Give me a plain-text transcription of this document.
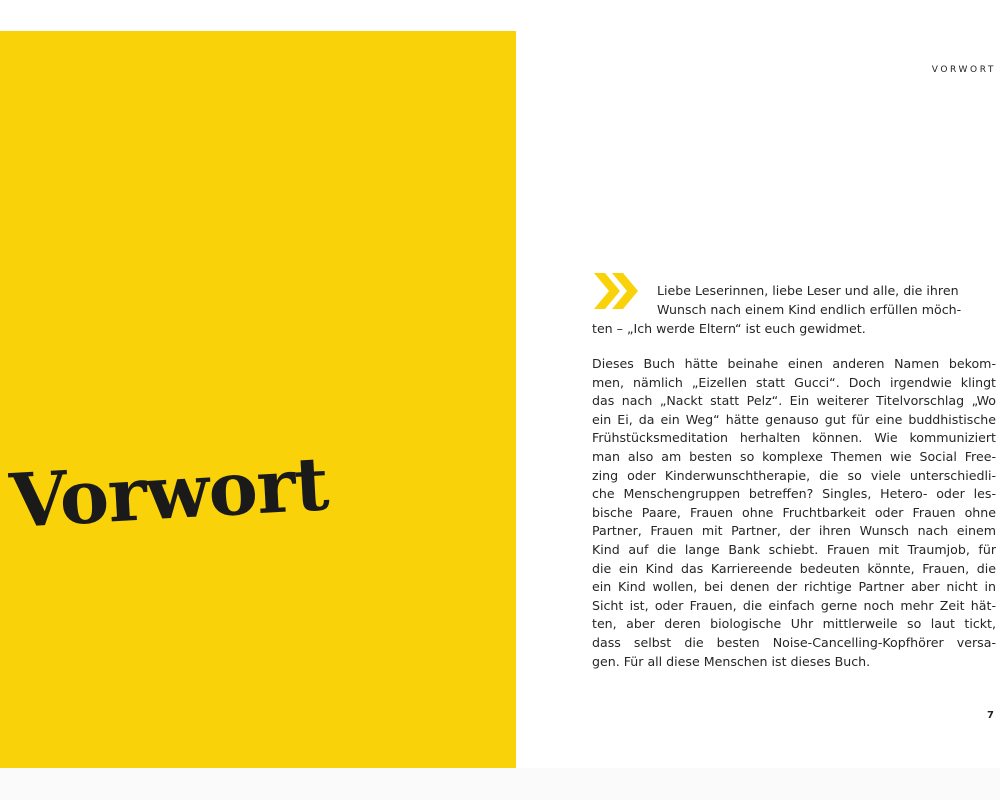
Vorwort
VORWORT

Liebe Leserinnen, liebe Leser und alle, die ihren
Wunsch nach einem Kind endlich erfüllen möch-
ten – „Ich werde Eltern“ ist euch gewidmet.

Dieses Buch hätte beinahe einen anderen Namen bekom-
men, nämlich „Eizellen statt Gucci“. Doch irgendwie klingt
das nach „Nackt statt Pelz“. Ein weiterer Titelvorschlag „Wo
ein Ei, da ein Weg“ hätte genauso gut für eine buddhistische
Frühstücksmeditation herhalten können. Wie kommuniziert
man also am besten so komplexe Themen wie Social Free-
zing oder Kinderwunschtherapie, die so viele unterschiedli-
che Menschengruppen betreffen? Singles, Hetero- oder les-
bische Paare, Frauen ohne Fruchtbarkeit oder Frauen ohne
Partner, Frauen mit Partner, der ihren Wunsch nach einem
Kind auf die lange Bank schiebt. Frauen mit Traumjob, für
die ein Kind das Karriereende bedeuten könnte, Frauen, die
ein Kind wollen, bei denen der richtige Partner aber nicht in
Sicht ist, oder Frauen, die einfach gerne noch mehr Zeit hät-
ten, aber deren biologische Uhr mittlerweile so laut tickt,
dass selbst die besten Noise-Cancelling-Kopfhörer versa-
gen. Für all diese Menschen ist dieses Buch.

7
